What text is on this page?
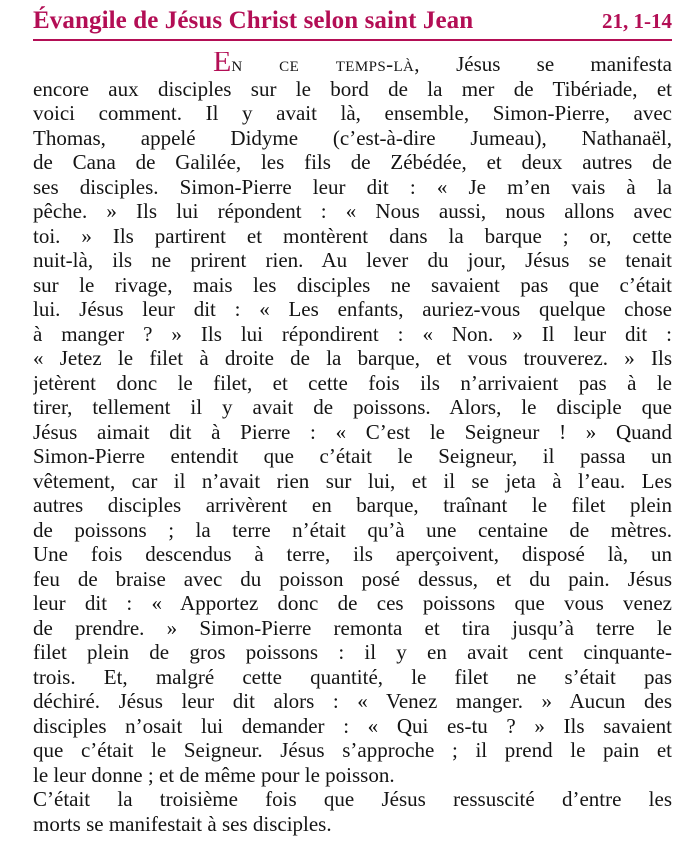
Évangile de Jésus Christ selon saint Jean	21, 1-14
En ce temps-là, Jésus se manifesta
encore aux disciples sur le bord de la mer de Tibériade, et
voici comment. Il y avait là, ensemble, Simon-Pierre, avec
Thomas, appelé Didyme (c’est-à-dire Jumeau), Nathanaël,
de Cana de Galilée, les fils de Zébédée, et deux autres de
ses disciples. Simon-Pierre leur dit : « Je m’en vais à la
pêche. » Ils lui répondent : « Nous aussi, nous allons avec
toi. » Ils partirent et montèrent dans la barque ; or, cette
nuit-là, ils ne prirent rien. Au lever du jour, Jésus se tenait
sur le rivage, mais les disciples ne savaient pas que c’était
lui. Jésus leur dit : « Les enfants, auriez-vous quelque chose
à manger ? » Ils lui répondirent : « Non. » Il leur dit :
« Jetez le filet à droite de la barque, et vous trouverez. » Ils
jetèrent donc le filet, et cette fois ils n’arrivaient pas à le
tirer, tellement il y avait de poissons. Alors, le disciple que
Jésus aimait dit à Pierre : « C’est le Seigneur ! » Quand
Simon-Pierre entendit que c’était le Seigneur, il passa un
vêtement, car il n’avait rien sur lui, et il se jeta à l’eau. Les
autres disciples arrivèrent en barque, traînant le filet plein
de poissons ; la terre n’était qu’à une centaine de mètres.
Une fois descendus à terre, ils aperçoivent, disposé là, un
feu de braise avec du poisson posé dessus, et du pain. Jésus
leur dit : « Apportez donc de ces poissons que vous venez
de prendre. » Simon-Pierre remonta et tira jusqu’à terre le
filet plein de gros poissons : il y en avait cent cinquante-
trois. Et, malgré cette quantité, le filet ne s’était pas
déchiré. Jésus leur dit alors : « Venez manger. » Aucun des
disciples n’osait lui demander : « Qui es-tu ? » Ils savaient
que c’était le Seigneur. Jésus s’approche ; il prend le pain et
le leur donne ; et de même pour le poisson.
C’était la troisième fois que Jésus ressuscité d’entre les
morts se manifestait à ses disciples.
